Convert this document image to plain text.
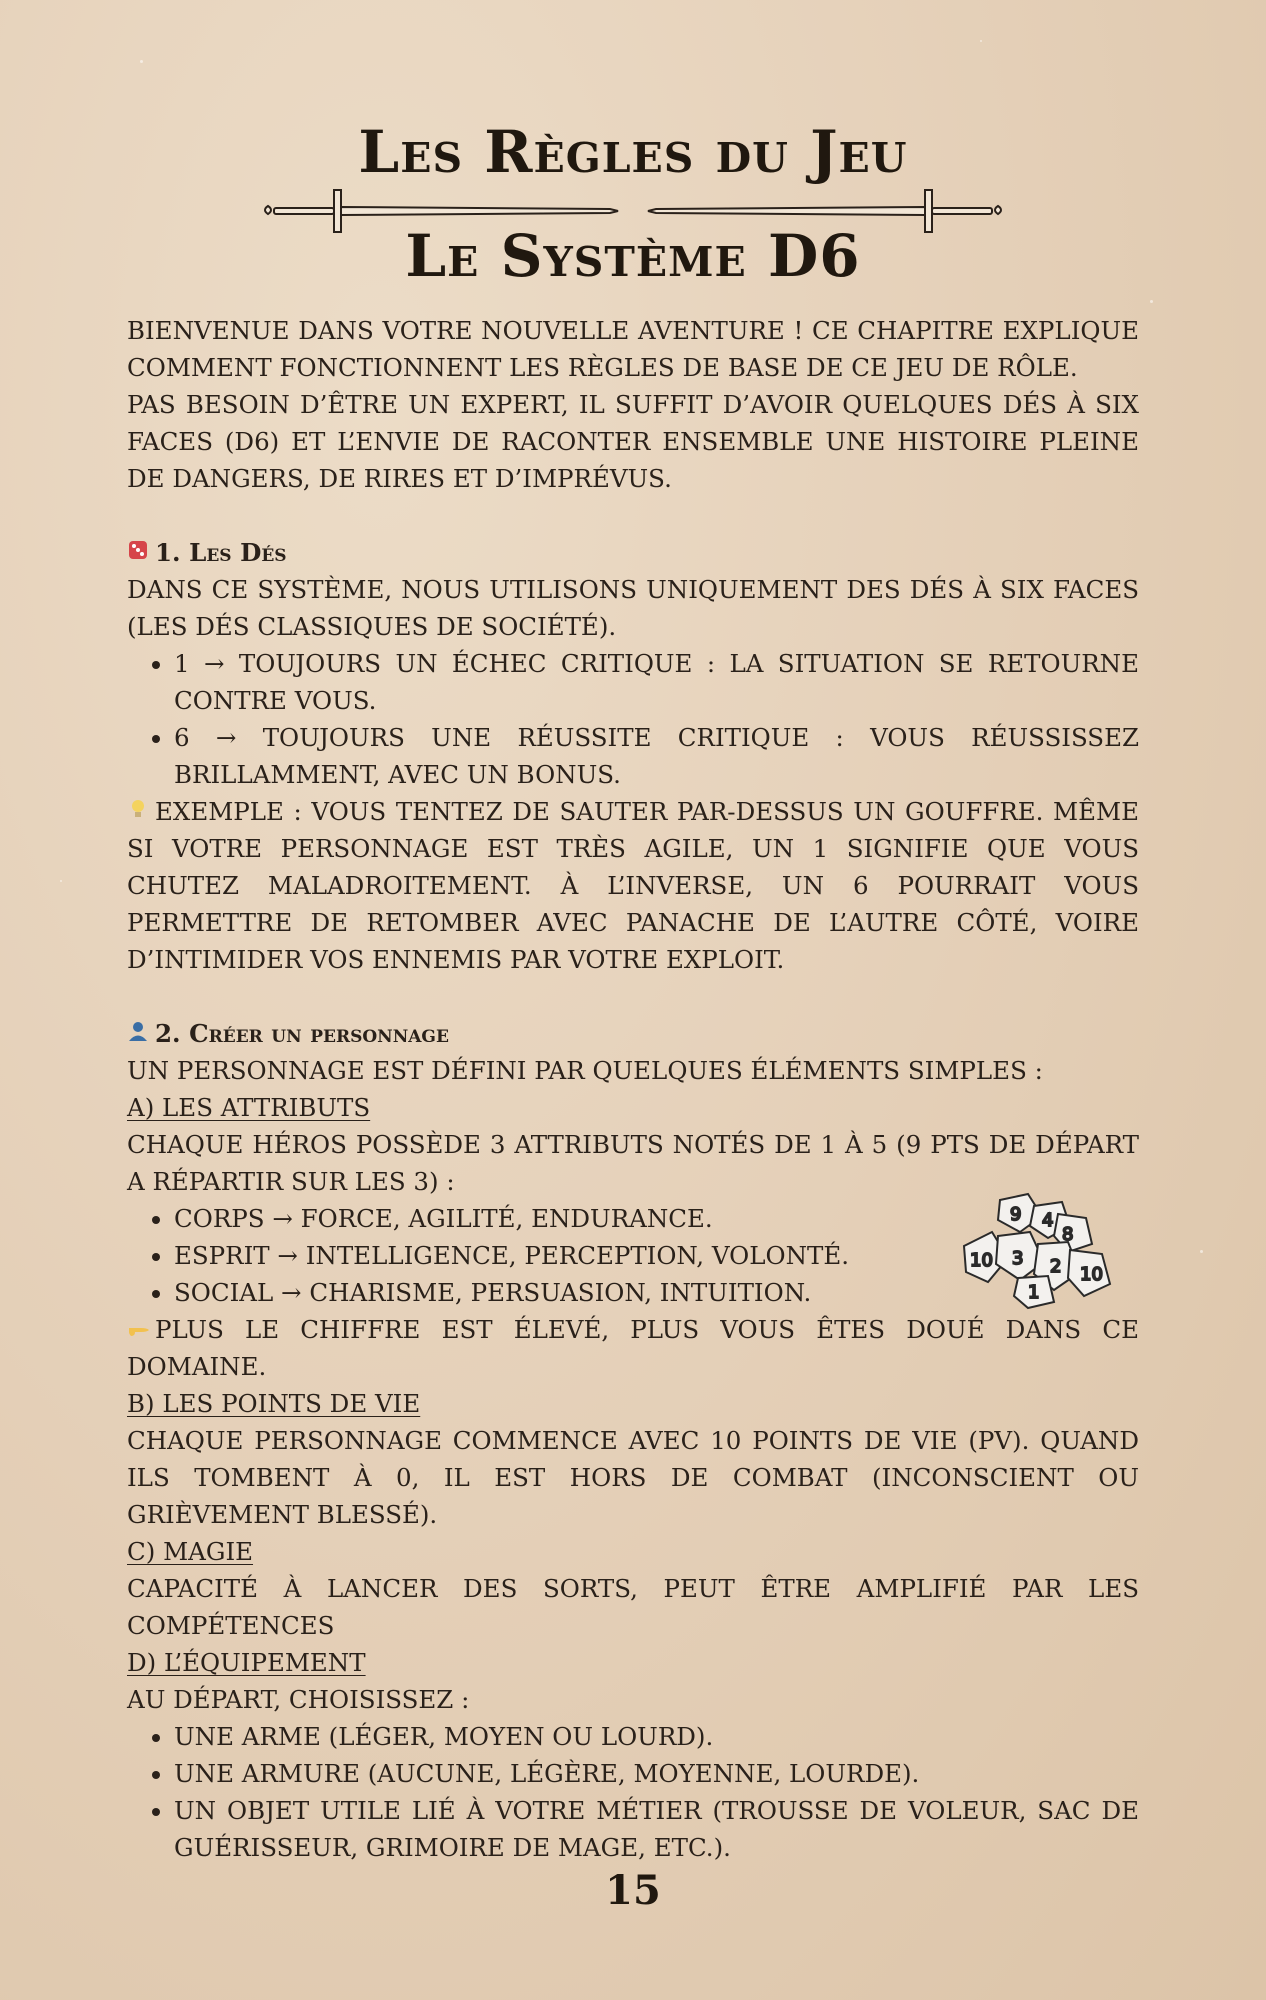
Les Règles du Jeu
Le Système D6

BIENVENUE DANS VOTRE NOUVELLE AVENTURE ! CE CHAPITRE EXPLIQUE COMMENT FONCTIONNENT LES RÈGLES DE BASE DE CE JEU DE RÔLE.

PAS BESOIN D’ÊTRE UN EXPERT, IL SUFFIT D’AVOIR QUELQUES DÉS À SIX FACES (D6) ET L’ENVIE DE RACONTER ENSEMBLE UNE HISTOIRE PLEINE DE DANGERS, DE RIRES ET D’IMPRÉVUS.

1. Les Dés

DANS CE SYSTÈME, NOUS UTILISONS UNIQUEMENT DES DÉS À SIX FACES (LES DÉS CLASSIQUES DE SOCIÉTÉ).

• 1 → TOUJOURS UN ÉCHEC CRITIQUE : LA SITUATION SE RETOURNE CONTRE VOUS.
• 6 → TOUJOURS UNE RÉUSSITE CRITIQUE : VOUS RÉUSSISSEZ BRILLAMMENT, AVEC UN BONUS.

EXEMPLE : VOUS TENTEZ DE SAUTER PAR-DESSUS UN GOUFFRE. MÊME SI VOTRE PERSONNAGE EST TRÈS AGILE, UN 1 SIGNIFIE QUE VOUS CHUTEZ MALADROITEMENT. À L’INVERSE, UN 6 POURRAIT VOUS PERMETTRE DE RETOMBER AVEC PANACHE DE L’AUTRE CÔTÉ, VOIRE D’INTIMIDER VOS ENNEMIS PAR VOTRE EXPLOIT.

2. Créer un personnage

UN PERSONNAGE EST DÉFINI PAR QUELQUES ÉLÉMENTS SIMPLES :

A) LES ATTRIBUTS

CHAQUE HÉROS POSSÈDE 3 ATTRIBUTS NOTÉS DE 1 À 5 (9 PTS DE DÉPART A RÉPARTIR SUR LES 3) :

• CORPS → FORCE, AGILITÉ, ENDURANCE.
• ESPRIT → INTELLIGENCE, PERCEPTION, VOLONTÉ.
• SOCIAL → CHARISME, PERSUASION, INTUITION.

PLUS LE CHIFFRE EST ÉLEVÉ, PLUS VOUS ÊTES DOUÉ DANS CE DOMAINE.

B) LES POINTS DE VIE

CHAQUE PERSONNAGE COMMENCE AVEC 10 POINTS DE VIE (PV). QUAND ILS TOMBENT À 0, IL EST HORS DE COMBAT (INCONSCIENT OU GRIÈVEMENT BLESSÉ).

C) MAGIE

CAPACITÉ À LANCER DES SORTS, PEUT ÊTRE AMPLIFIÉ PAR LES COMPÉTENCES

D) L’ÉQUIPEMENT

AU DÉPART, CHOISISSEZ :

• UNE ARME (LÉGER, MOYEN OU LOURD).
• UNE ARMURE (AUCUNE, LÉGÈRE, MOYENNE, LOURDE).
• UN OBJET UTILE LIÉ À VOTRE MÉTIER (TROUSSE DE VOLEUR, SAC DE GUÉRISSEUR, GRIMOIRE DE MAGE, ETC.).
9 4
10
8
3
1
2 10
15
